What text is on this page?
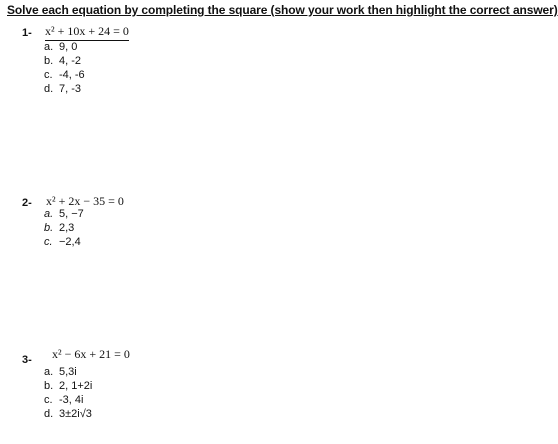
Solve each equation by completing the square (show your work then highlight the correct answer)
1- x² + 10x + 24 = 0
a. 9, 0
b. 4, -2
c. -4, -6
d. 7, -3
2- x² + 2x − 35 = 0
a. 5, −7
b. 2,3
c. −2,4
3- x² − 6x + 21 = 0
a. 5,3i
b. 2, 1+2i
c. -3, 4i
d. 3±2i√3
